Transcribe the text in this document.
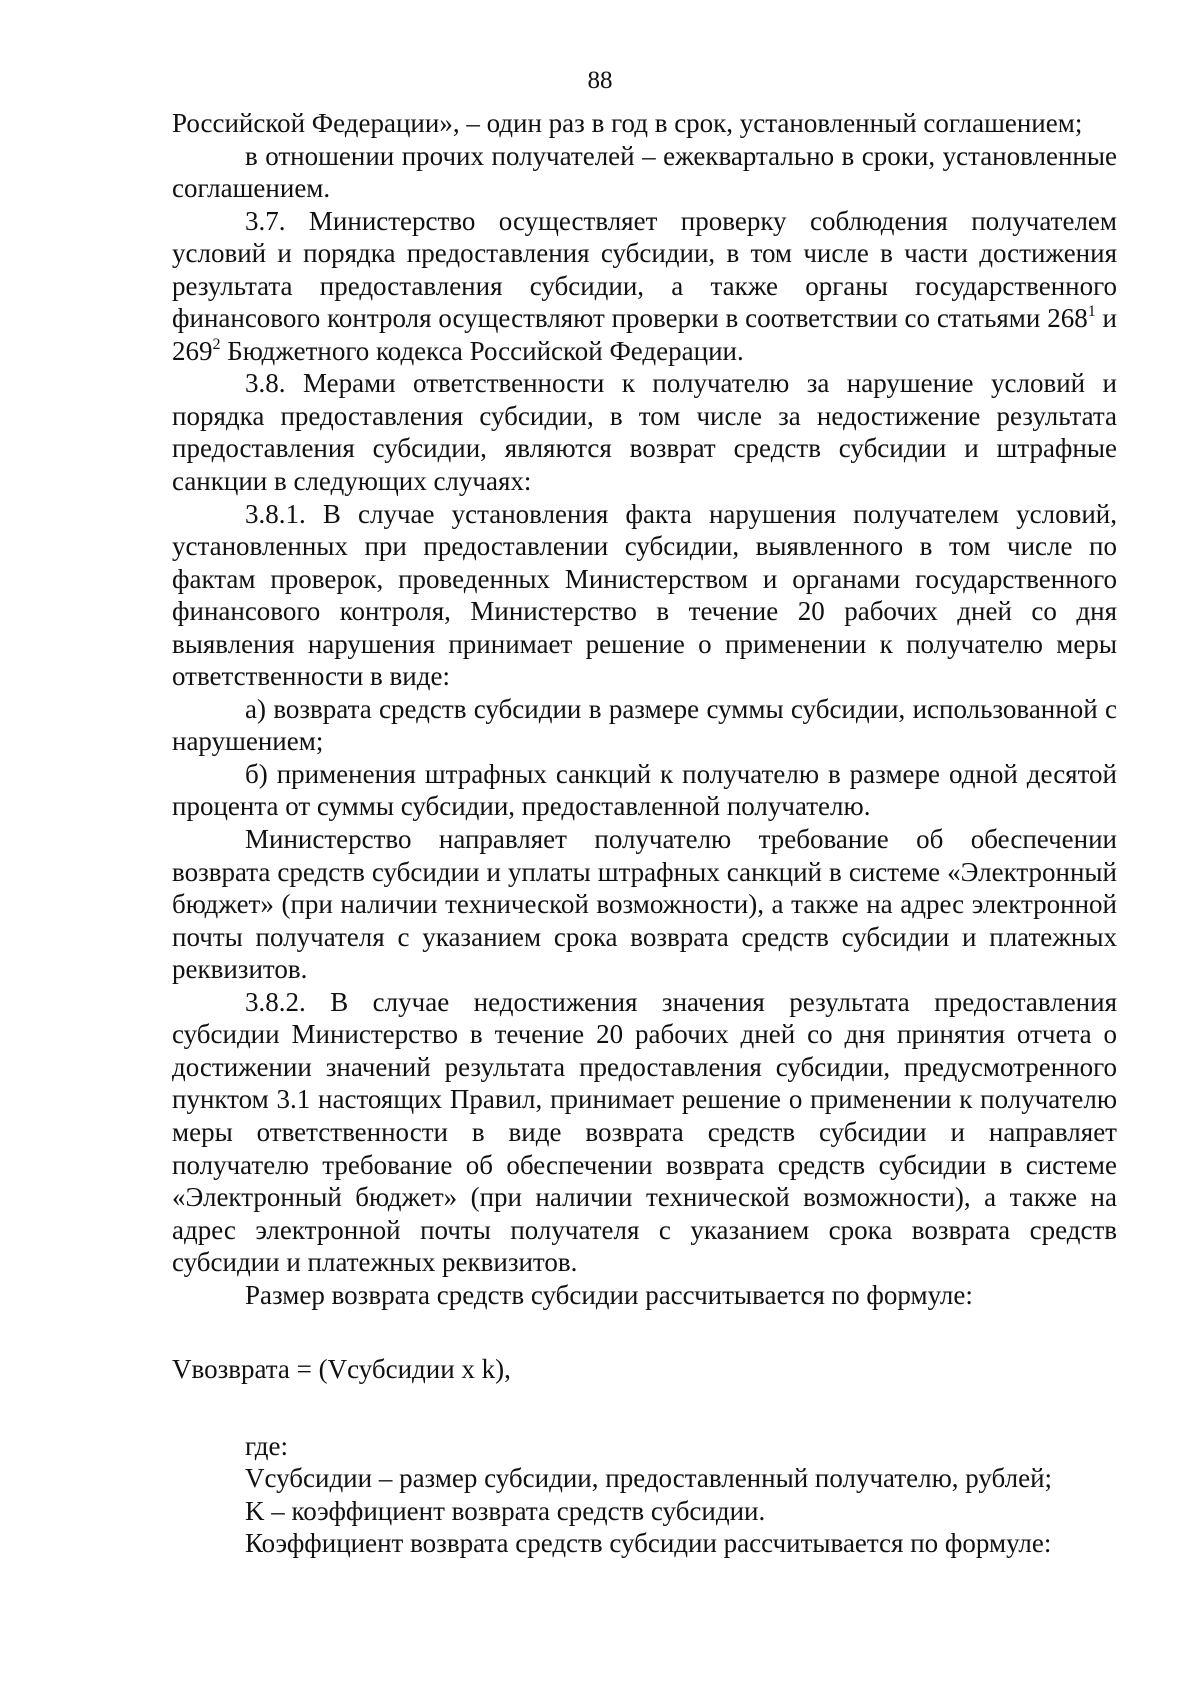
88

Российской Федерации», – один раз в год в срок, установленный соглашением;

в отношении прочих получателей – ежеквартально в сроки, установленные соглашением.

3.7. Министерство осуществляет проверку соблюдения получателем условий и порядка предоставления субсидии, в том числе в части достижения результата предоставления субсидии, а также органы государственного финансового контроля осуществляют проверки в соответствии со статьями $268^1$ и $269^2$ Бюджетного кодекса Российской Федерации.

3.8. Мерами ответственности к получателю за нарушение условий и порядка предоставления субсидии, в том числе за недостижение результата предоставления субсидии, являются возврат средств субсидии и штрафные санкции в следующих случаях:

3.8.1. В случае установления факта нарушения получателем условий, установленных при предоставлении субсидии, выявленного в том числе по фактам проверок, проведенных Министерством и органами государственного финансового контроля, Министерство в течение 20 рабочих дней со дня выявления нарушения принимает решение о применении к получателю меры ответственности в виде:

а) возврата средств субсидии в размере суммы субсидии, использованной с нарушением;

б) применения штрафных санкций к получателю в размере одной десятой процента от суммы субсидии, предоставленной получателю.

Министерство направляет получателю требование об обеспечении возврата средств субсидии и уплаты штрафных санкций в системе «Электронный бюджет» (при наличии технической возможности), а также на адрес электронной почты получателя с указанием срока возврата средств субсидии и платежных реквизитов.

3.8.2. В случае недостижения значения результата предоставления субсидии Министерство в течение 20 рабочих дней со дня принятия отчета о достижении значений результата предоставления субсидии, предусмотренного пунктом 3.1 настоящих Правил, принимает решение о применении к получателю меры ответственности в виде возврата средств субсидии и направляет получателю требование об обеспечении возврата средств субсидии в системе «Электронный бюджет» (при наличии технической возможности), а также на адрес электронной почты получателя с указанием срока возврата средств субсидии и платежных реквизитов.

Размер возврата средств субсидии рассчитывается по формуле:

Vвозврата = (Vсубсидии x k),

где:

Vсубсидии – размер субсидии, предоставленный получателю, рублей;

K – коэффициент возврата средств субсидии.

Коэффициент возврата средств субсидии рассчитывается по формуле:
